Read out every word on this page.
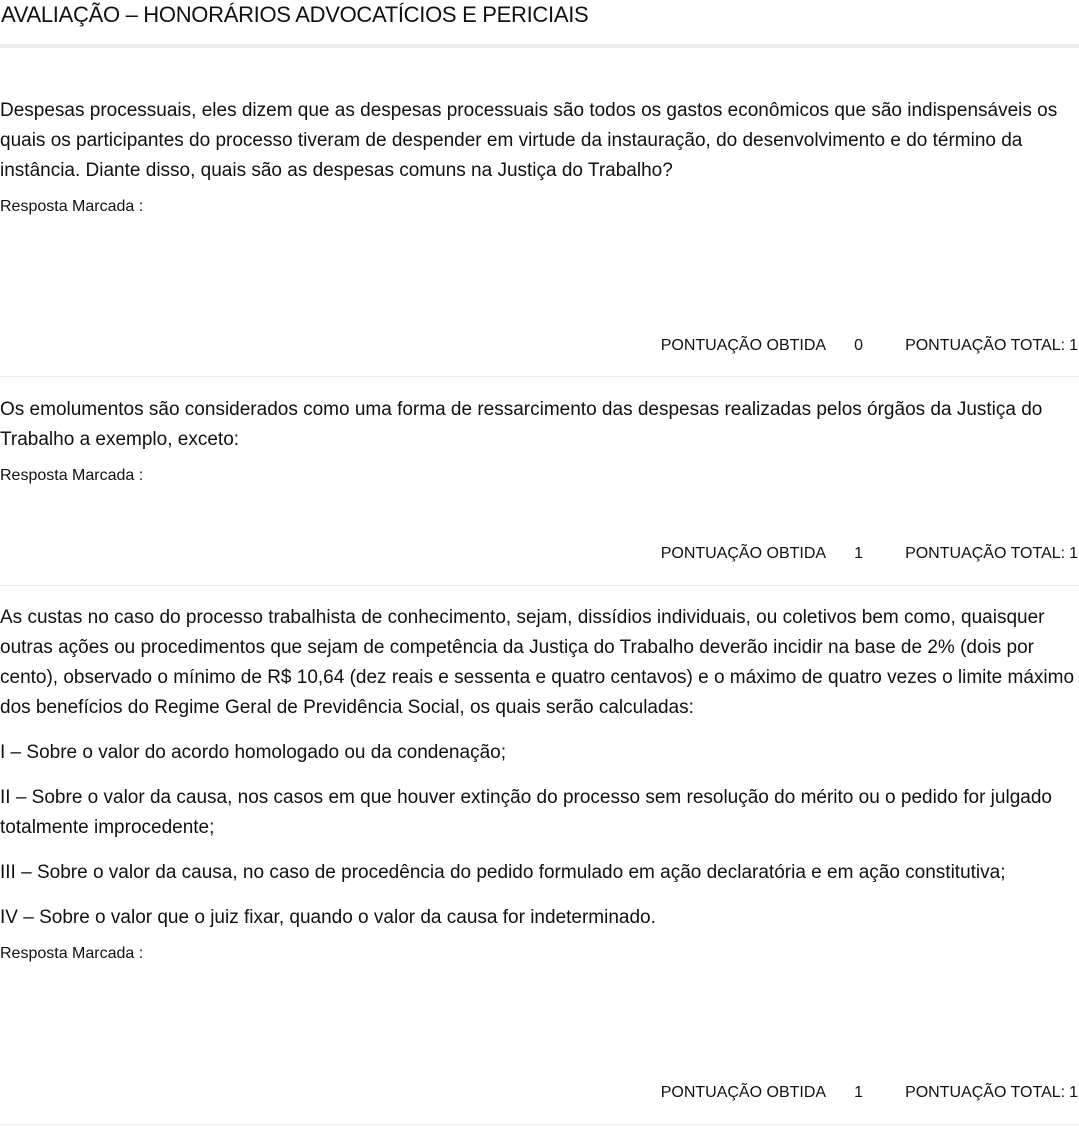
AVALIAÇÃO – HONORÁRIOS ADVOCATÍCIOS E PERICIAIS

Despesas processuais, eles dizem que as despesas processuais são todos os gastos econômicos que são indispensáveis os quais os participantes do processo tiveram de despender em virtude da instauração, do desenvolvimento e do término da instância. Diante disso, quais são as despesas comuns na Justiça do Trabalho?

Resposta Marcada :
PONTUAÇÃO OBTIDA 0	PONTUAÇÃO TOTAL: 1

Os emolumentos são considerados como uma forma de ressarcimento das despesas realizadas pelos órgãos da Justiça do Trabalho a exemplo, exceto:

Resposta Marcada :
PONTUAÇÃO OBTIDA 1	PONTUAÇÃO TOTAL: 1

As custas no caso do processo trabalhista de conhecimento, sejam, dissídios individuais, ou coletivos bem como, quaisquer outras ações ou procedimentos que sejam de competência da Justiça do Trabalho deverão incidir na base de 2% (dois por cento), observado o mínimo de R$ 10,64 (dez reais e sessenta e quatro centavos) e o máximo de quatro vezes o limite máximo dos benefícios do Regime Geral de Previdência Social, os quais serão calculadas:

I – Sobre o valor do acordo homologado ou da condenação;

II – Sobre o valor da causa, nos casos em que houver extinção do processo sem resolução do mérito ou o pedido for julgado totalmente improcedente;

III – Sobre o valor da causa, no caso de procedência do pedido formulado em ação declaratória e em ação constitutiva;

IV – Sobre o valor que o juiz fixar, quando o valor da causa for indeterminado.

Resposta Marcada :
PONTUAÇÃO OBTIDA 1	PONTUAÇÃO TOTAL: 1
